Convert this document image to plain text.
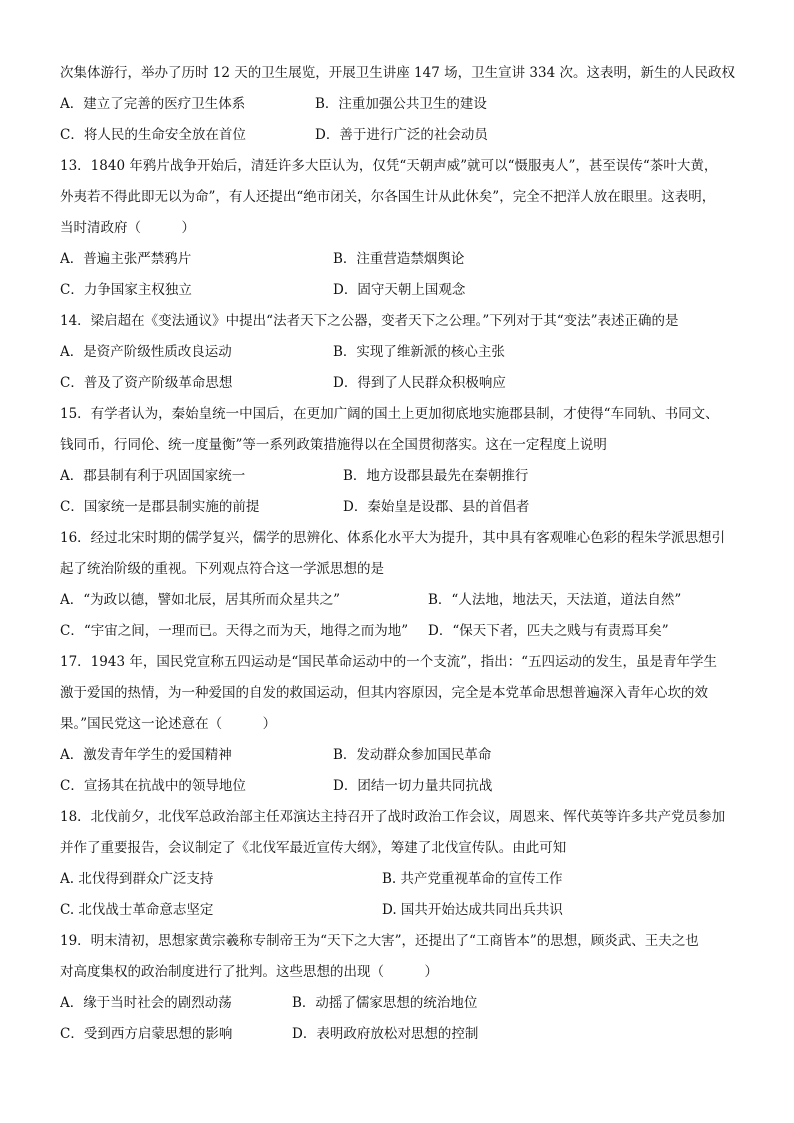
次集体游行，举办了历时 12 天的卫生展览，开展卫生讲座 147 场，卫生宣讲 334 次。这表明，新生的人民政权
A．建立了完善的医疗卫生体系	B．注重加强公共卫生的建设
C．将人民的生命安全放在首位	D．善于进行广泛的社会动员
13．1840 年鸦片战争开始后，清廷许多大臣认为，仅凭“天朝声威”就可以“慑服夷人”，甚至误传“茶叶大黄，
外夷若不得此即无以为命”，有人还提出“绝市闭关，尔各国生计从此休矣”，完全不把洋人放在眼里。这表明，
当时清政府（　　　）
A．普遍主张严禁鸦片	B．注重营造禁烟舆论
C．力争国家主权独立	D．固守天朝上国观念
14．梁启超在《变法通议》中提出“法者天下之公器，变者天下之公理。”下列对于其“变法”表述正确的是
A．是资产阶级性质改良运动	B．实现了维新派的核心主张
C．普及了资产阶级革命思想	D．得到了人民群众积极响应
15．有学者认为，秦始皇统一中国后，在更加广阔的国土上更加彻底地实施郡县制，才使得“车同轨、书同文、
钱同币，行同伦、统一度量衡”等一系列政策措施得以在全国贯彻落实。这在一定程度上说明
A．郡县制有利于巩固国家统一	B．地方设郡县最先在秦朝推行
C．国家统一是郡县制实施的前提	D．秦始皇是设郡、县的首倡者
16．经过北宋时期的儒学复兴，儒学的思辨化、体系化水平大为提升，其中具有客观唯心色彩的程朱学派思想引
起了统治阶级的重视。下列观点符合这一学派思想的是
A．“为政以德，譬如北辰，居其所而众星共之”	B．“人法地，地法天，天法道，道法自然”
C．“宇宙之间，一理而已。天得之而为天，地得之而为地”	D．“保天下者，匹夫之贱与有责焉耳矣”
17．1943 年，国民党宣称五四运动是“国民革命运动中的一个支流”，指出：“五四运动的发生，虽是青年学生
激于爱国的热情，为一种爱国的自发的救国运动，但其内容原因，完全是本党革命思想普遍深入青年心坎的效
果。”国民党这一论述意在（　　　）
A．激发青年学生的爱国精神	B．发动群众参加国民革命
C．宣扬其在抗战中的领导地位	D．团结一切力量共同抗战
18．北伐前夕，北伐军总政治部主任邓演达主持召开了战时政治工作会议，周恩来、恽代英等许多共产党员参加
并作了重要报告，会议制定了《北伐军最近宣传大纲》，筹建了北伐宣传队。由此可知
A. 北伐得到群众广泛支持	B. 共产党重视革命的宣传工作
C. 北伐战士革命意志坚定	D. 国共开始达成共同出兵共识
19．明末清初，思想家黄宗羲称专制帝王为“天下之大害”，还提出了“工商皆本”的思想，顾炎武、王夫之也
对高度集权的政治制度进行了批判。这些思想的出现（　　　）
A．缘于当时社会的剧烈动荡	B．动摇了儒家思想的统治地位
C．受到西方启蒙思想的影响	D．表明政府放松对思想的控制
